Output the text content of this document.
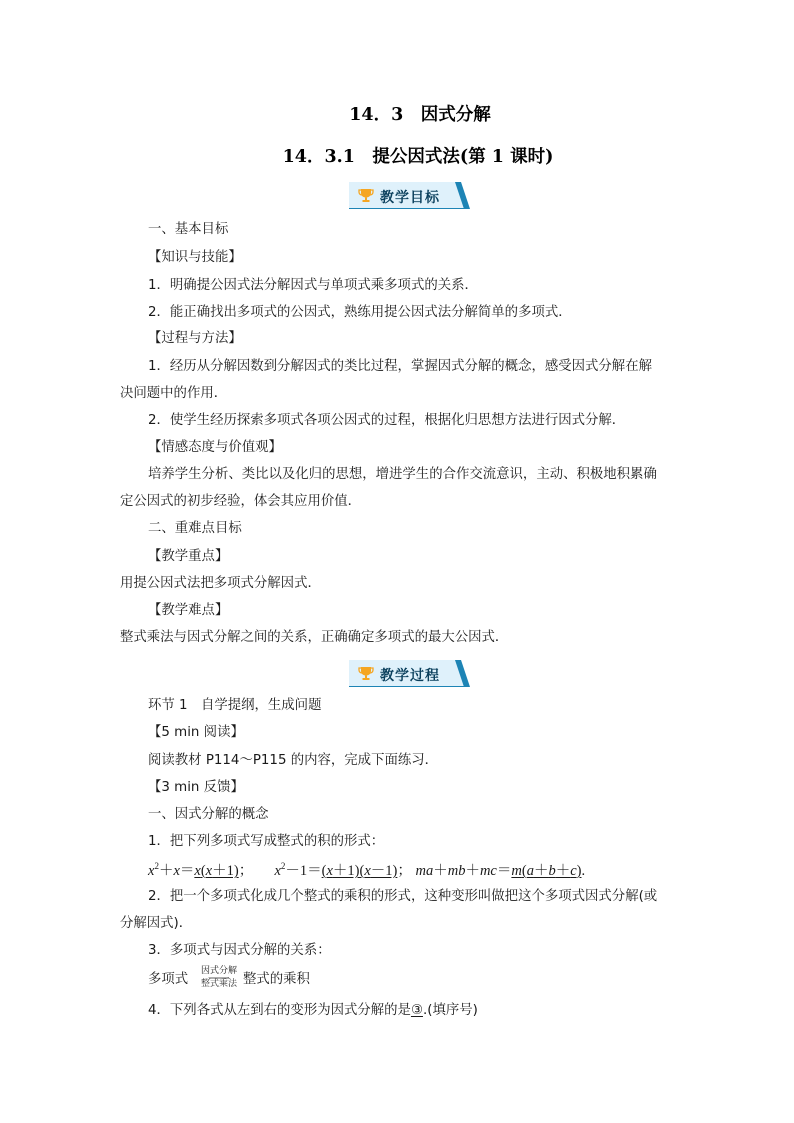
14．3　因式分解
14．3.1　提公因式法(第 1 课时)
教学目标
一、基本目标
【知识与技能】
1．明确提公因式法分解因式与单项式乘多项式的关系．
2．能正确找出多项式的公因式，熟练用提公因式法分解简单的多项式．
【过程与方法】
1．经历从分解因数到分解因式的类比过程，掌握因式分解的概念，感受因式分解在解
决问题中的作用．
2．使学生经历探索多项式各项公因式的过程，根据化归思想方法进行因式分解．
【情感态度与价值观】
培养学生分析、类比以及化归的思想，增进学生的合作交流意识，主动、积极地积累确
定公因式的初步经验，体会其应用价值．
二、重难点目标
【教学重点】
用提公因式法把多项式分解因式．
【教学难点】
整式乘法与因式分解之间的关系，正确确定多项式的最大公因式．
教学过程
环节 1　自学提纲，生成问题
【5 min 阅读】
阅读教材 P114～P115 的内容，完成下面练习．
【3 min 反馈】
一、因式分解的概念
1．把下列多项式写成整式的积的形式：
$x^2+x=x(x+1)$； $x^2-1=(x+1)(x-1)$； ma＋mb＋mc＝m(a＋b＋c).
2．把一个多项式化成几个整式的乘积的形式，这种变形叫做把这个多项式因式分解(或
分解因式)．
3．多项式与因式分解的关系：
多项式
因式分解
整式乘法 整式的乘积
4．下列各式从左到右的变形为因式分解的是③.(填序号)
